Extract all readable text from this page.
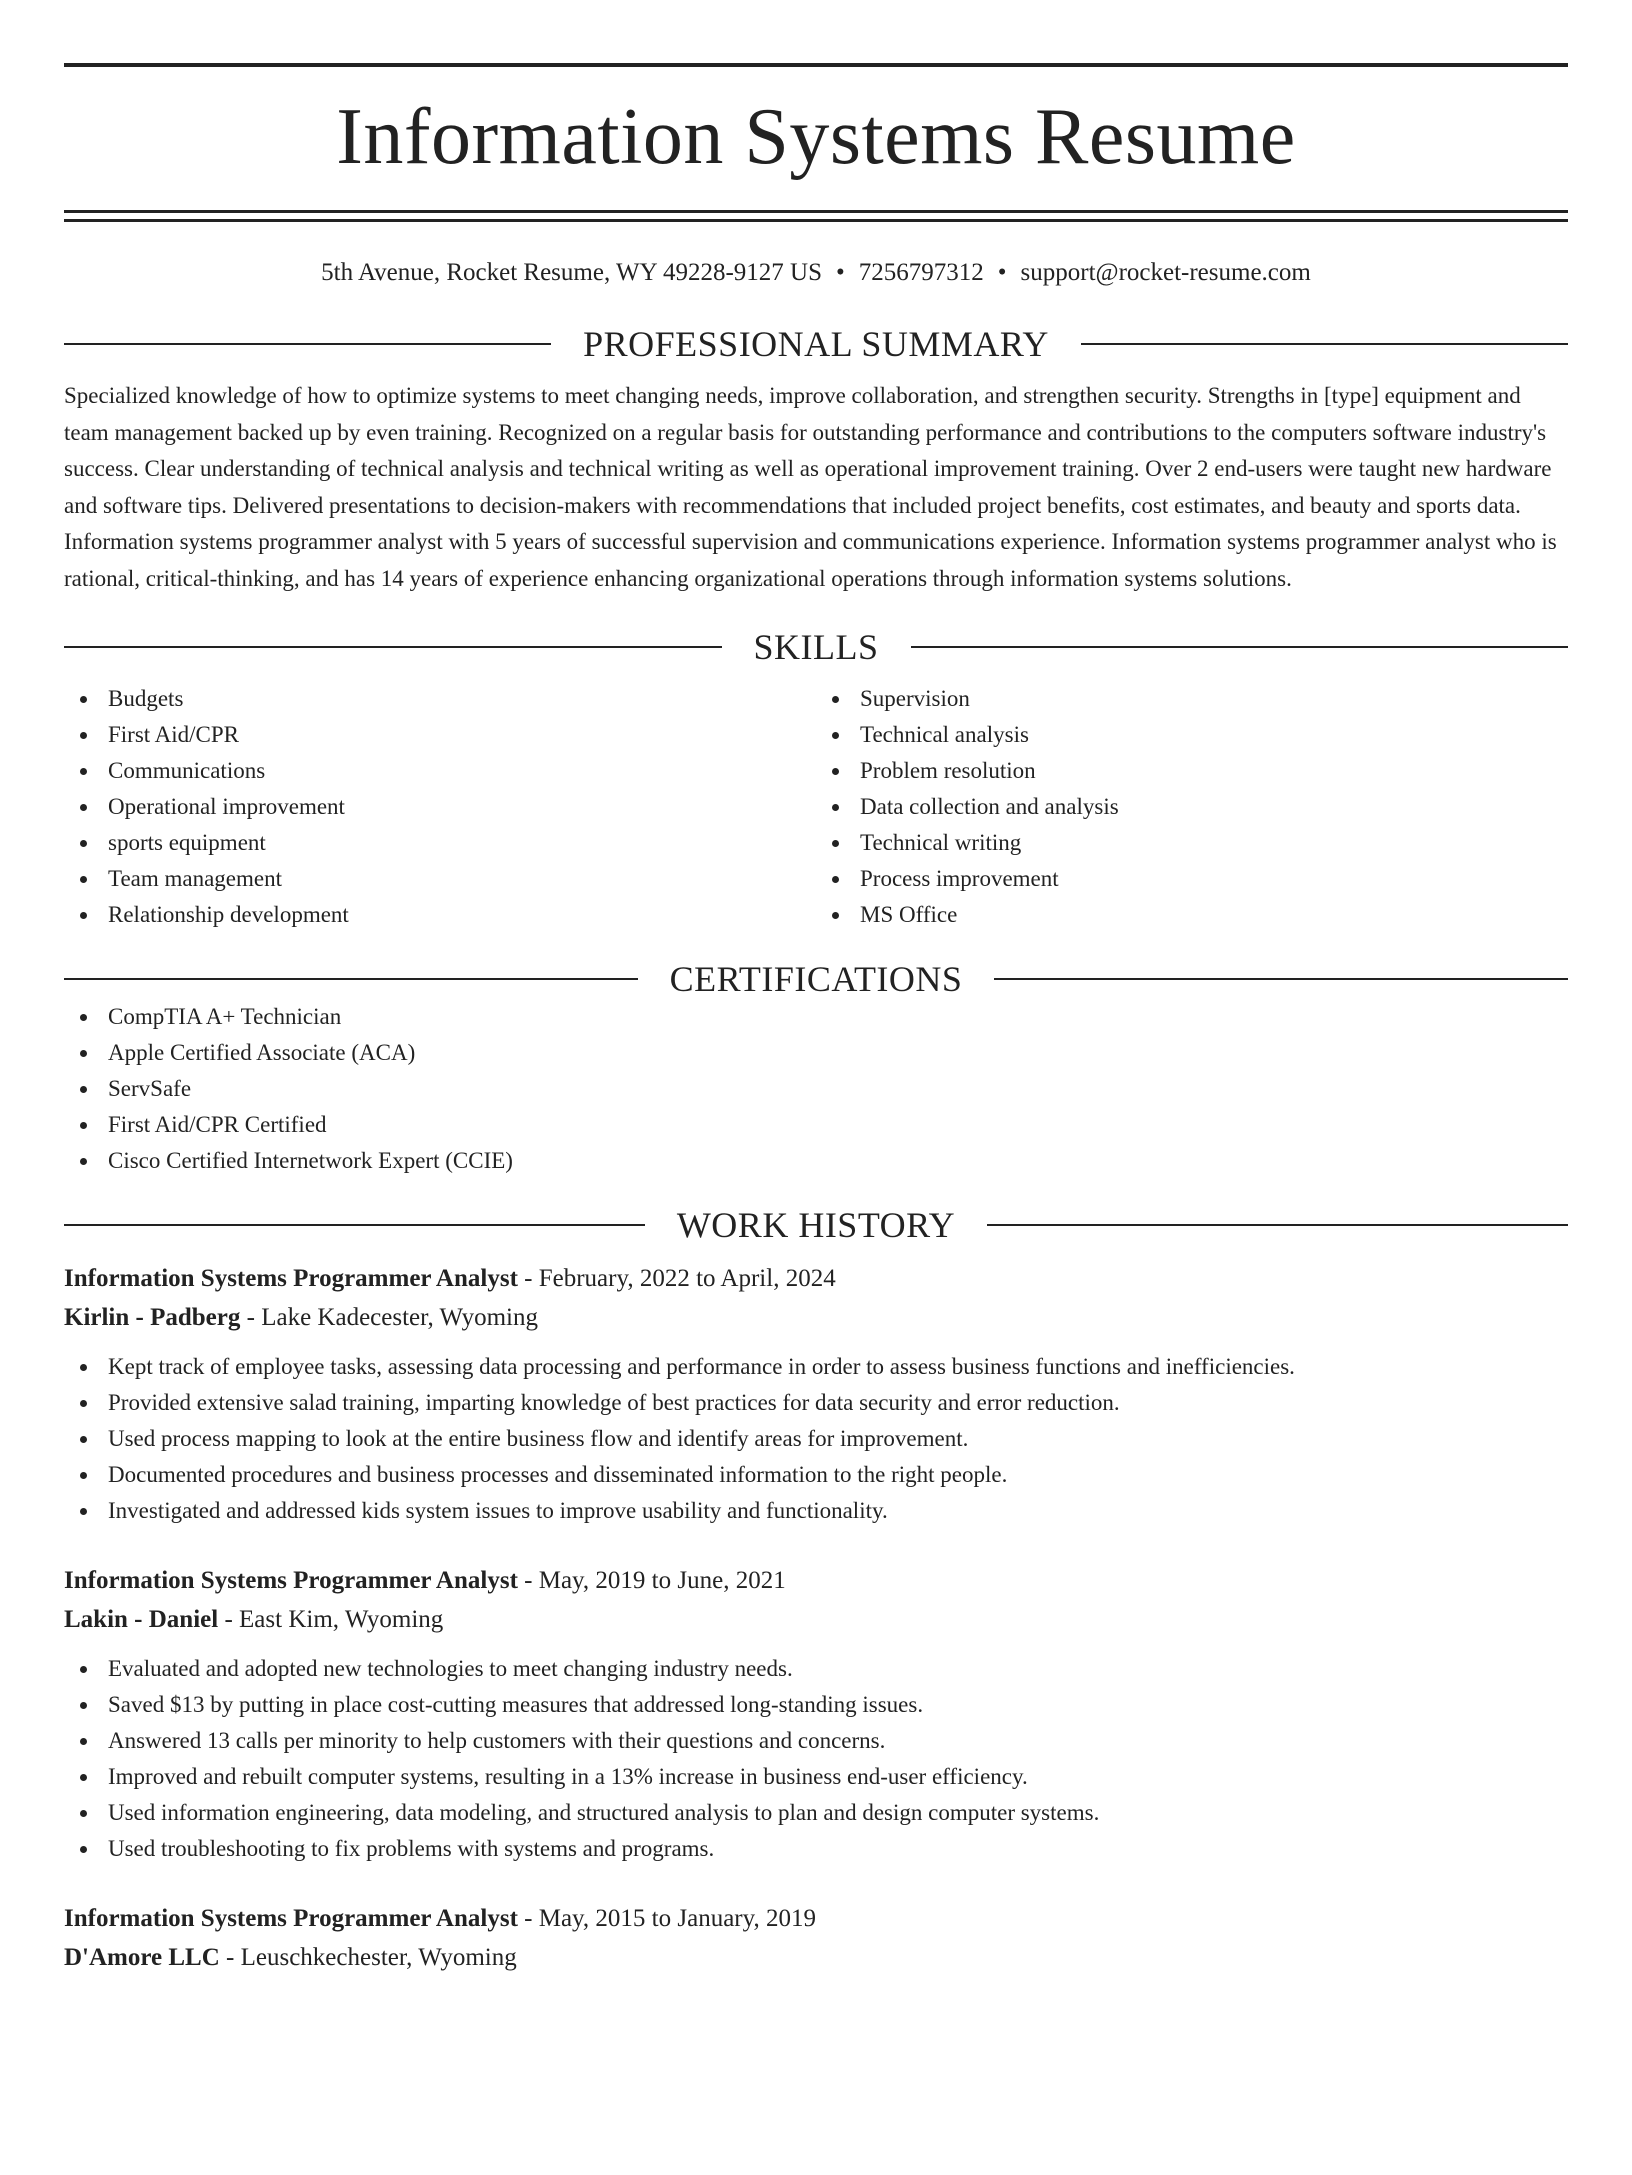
Information Systems Resume
5th Avenue, Rocket Resume, WY 49228-9127 US • 7256797312 • support@rocket-resume.com
PROFESSIONAL SUMMARY

Specialized knowledge of how to optimize systems to meet changing needs, improve collaboration, and strengthen security. Strengths in [type] equipment and team management backed up by even training. Recognized on a regular basis for outstanding performance and contributions to the computers software industry's success. Clear understanding of technical analysis and technical writing as well as operational improvement training. Over 2 end-users were taught new hardware and software tips. Delivered presentations to decision-makers with recommendations that included project benefits, cost estimates, and beauty and sports data. Information systems programmer analyst with 5 years of successful supervision and communications experience. Information systems programmer analyst who is rational, critical-thinking, and has 14 years of experience enhancing organizational operations through information systems solutions.

SKILLS
Budgets
First Aid/CPR
Communications
Operational improvement
sports equipment
Team management
Relationship development
Supervision
Technical analysis
Problem resolution
Data collection and analysis
Technical writing
Process improvement
MS Office
CERTIFICATIONS
CompTIA A+ Technician
Apple Certified Associate (ACA)
ServSafe
First Aid/CPR Certified
Cisco Certified Internetwork Expert (CCIE)
WORK HISTORY
Information Systems Programmer Analyst - February, 2022 to April, 2024
Kirlin - Padberg - Lake Kadecester, Wyoming
Kept track of employee tasks, assessing data processing and performance in order to assess business functions and inefficiencies.
Provided extensive salad training, imparting knowledge of best practices for data security and error reduction.
Used process mapping to look at the entire business flow and identify areas for improvement.
Documented procedures and business processes and disseminated information to the right people.
Investigated and addressed kids system issues to improve usability and functionality.
Information Systems Programmer Analyst - May, 2019 to June, 2021
Lakin - Daniel - East Kim, Wyoming
Evaluated and adopted new technologies to meet changing industry needs.
Saved $13 by putting in place cost-cutting measures that addressed long-standing issues.
Answered 13 calls per minority to help customers with their questions and concerns.
Improved and rebuilt computer systems, resulting in a 13% increase in business end-user efficiency.
Used information engineering, data modeling, and structured analysis to plan and design computer systems.
Used troubleshooting to fix problems with systems and programs.
Information Systems Programmer Analyst - May, 2015 to January, 2019
D'Amore LLC - Leuschkechester, Wyoming
